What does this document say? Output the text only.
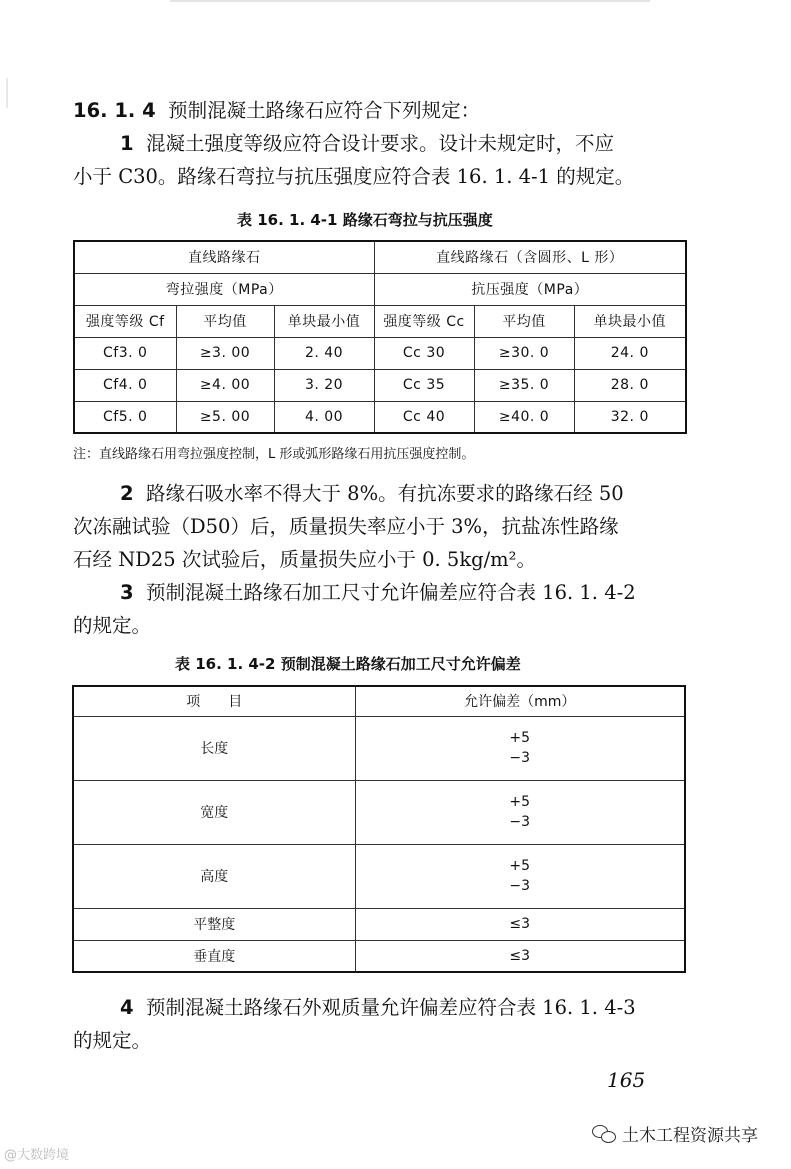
16. 1. 4 预制混凝土路缘石应符合下列规定：
1 混凝土强度等级应符合设计要求。设计未规定时，不应
小于 C30。路缘石弯拉与抗压强度应符合表 16. 1. 4-1 的规定。
表 16. 1. 4-1 路缘石弯拉与抗压强度
直线路缘石			直线路缘石（含圆形、L 形）		
弯拉强度（MPa）			抗压强度（MPa）		
强度等级 Cf	平均值	单块最小值	强度等级 Cc	平均值	单块最小值
Cf3. 0	≥3. 00	2. 40	Cc 30	≥30. 0	24. 0
Cf4. 0	≥4. 00	3. 20	Cc 35	≥35. 0	28. 0
Cf5. 0	≥5. 00	4. 00	Cc 40	≥40. 0	32. 0
注：直线路缘石用弯拉强度控制，L 形或弧形路缘石用抗压强度控制。
2 路缘石吸水率不得大于 8%。有抗冻要求的路缘石经 50
次冻融试验（D50）后，质量损失率应小于 3%，抗盐冻性路缘
石经 ND25 次试验后，质量损失应小于 0. 5kg/m²。
3 预制混凝土路缘石加工尺寸允许偏差应符合表 16. 1. 4-2
的规定。
表 16. 1. 4-2 预制混凝土路缘石加工尺寸允许偏差
项　　目	允许偏差（mm）
长度	+5
−3
宽度	+5
−3
高度	+5
−3
平整度	≤3
垂直度	≤3
4 预制混凝土路缘石外观质量允许偏差应符合表 16. 1. 4-3
的规定。
165
@大数跨境
土木工程资源共享
